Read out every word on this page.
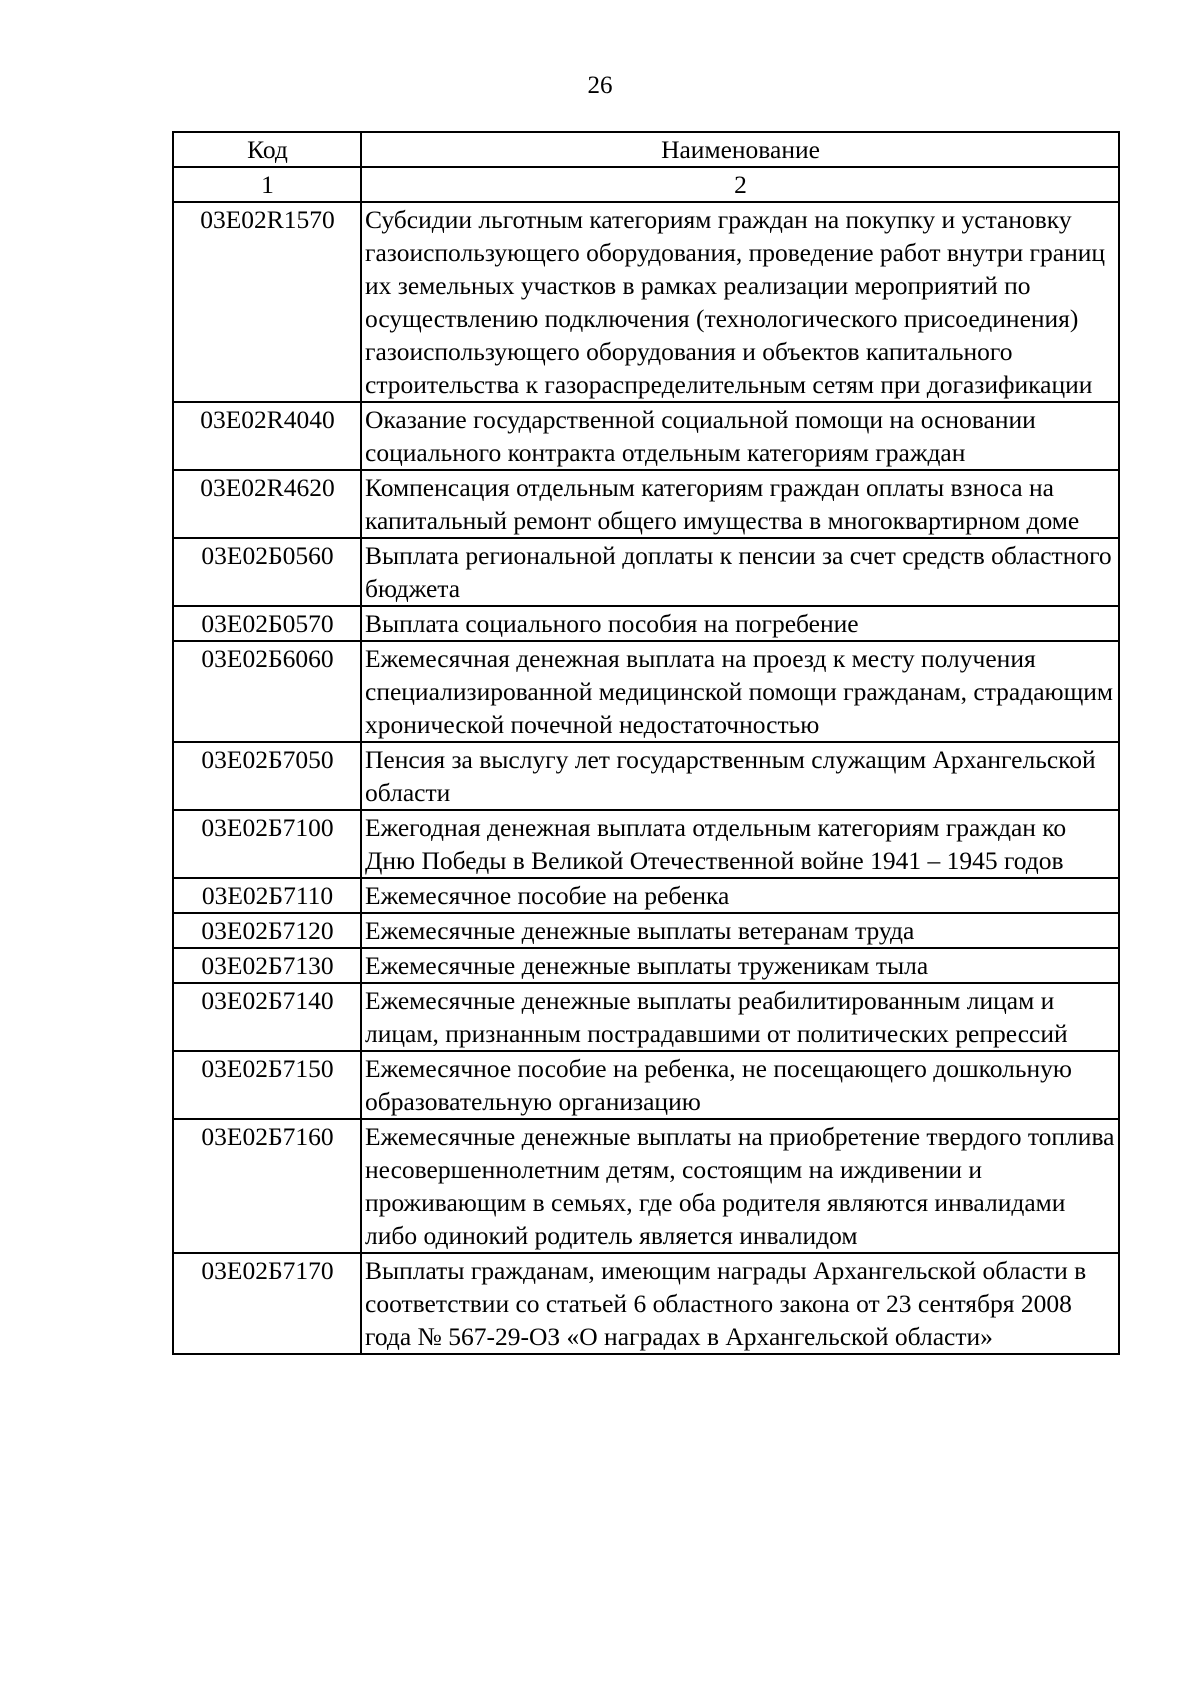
26
Код	Наименование
1	2
03Е02R1570	Субсидии льготным категориям граждан на покупку и установку газоиспользующего оборудования, проведение работ внутри границ их земельных участков в рамках реализации мероприятий по осуществлению подключения (технологического присоединения) газоиспользующего оборудования и объектов капитального строительства к газораспределительным сетям при догазификации
03Е02R4040	Оказание государственной социальной помощи на основании социального контракта отдельным категориям граждан
03Е02R4620	Компенсация отдельным категориям граждан оплаты взноса на капитальный ремонт общего имущества в многоквартирном доме
03Е02Б0560	Выплата региональной доплаты к пенсии за счет средств областного бюджета
03Е02Б0570	Выплата социального пособия на погребение
03Е02Б6060	Ежемесячная денежная выплата на проезд к месту получения специализированной медицинской помощи гражданам, страдающим хронической почечной недостаточностью
03Е02Б7050	Пенсия за выслугу лет государственным служащим Архангельской области
03Е02Б7100	Ежегодная денежная выплата отдельным категориям граждан ко Дню Победы в Великой Отечественной войне 1941 – 1945 годов
03Е02Б7110	Ежемесячное пособие на ребенка
03Е02Б7120	Ежемесячные денежные выплаты ветеранам труда
03Е02Б7130	Ежемесячные денежные выплаты труженикам тыла
03Е02Б7140	Ежемесячные денежные выплаты реабилитированным лицам и лицам, признанным пострадавшими от политических репрессий
03Е02Б7150	Ежемесячное пособие на ребенка, не посещающего дошкольную образовательную организацию
03Е02Б7160	Ежемесячные денежные выплаты на приобретение твердого топлива несовершеннолетним детям, состоящим на иждивении и проживающим в семьях, где оба родителя являются инвалидами либо одинокий родитель является инвалидом
03Е02Б7170	Выплаты гражданам, имеющим награды Архангельской области в соответствии со статьей 6 областного закона от 23 сентября 2008 года № 567-29-ОЗ «О наградах в Архангельской области»
